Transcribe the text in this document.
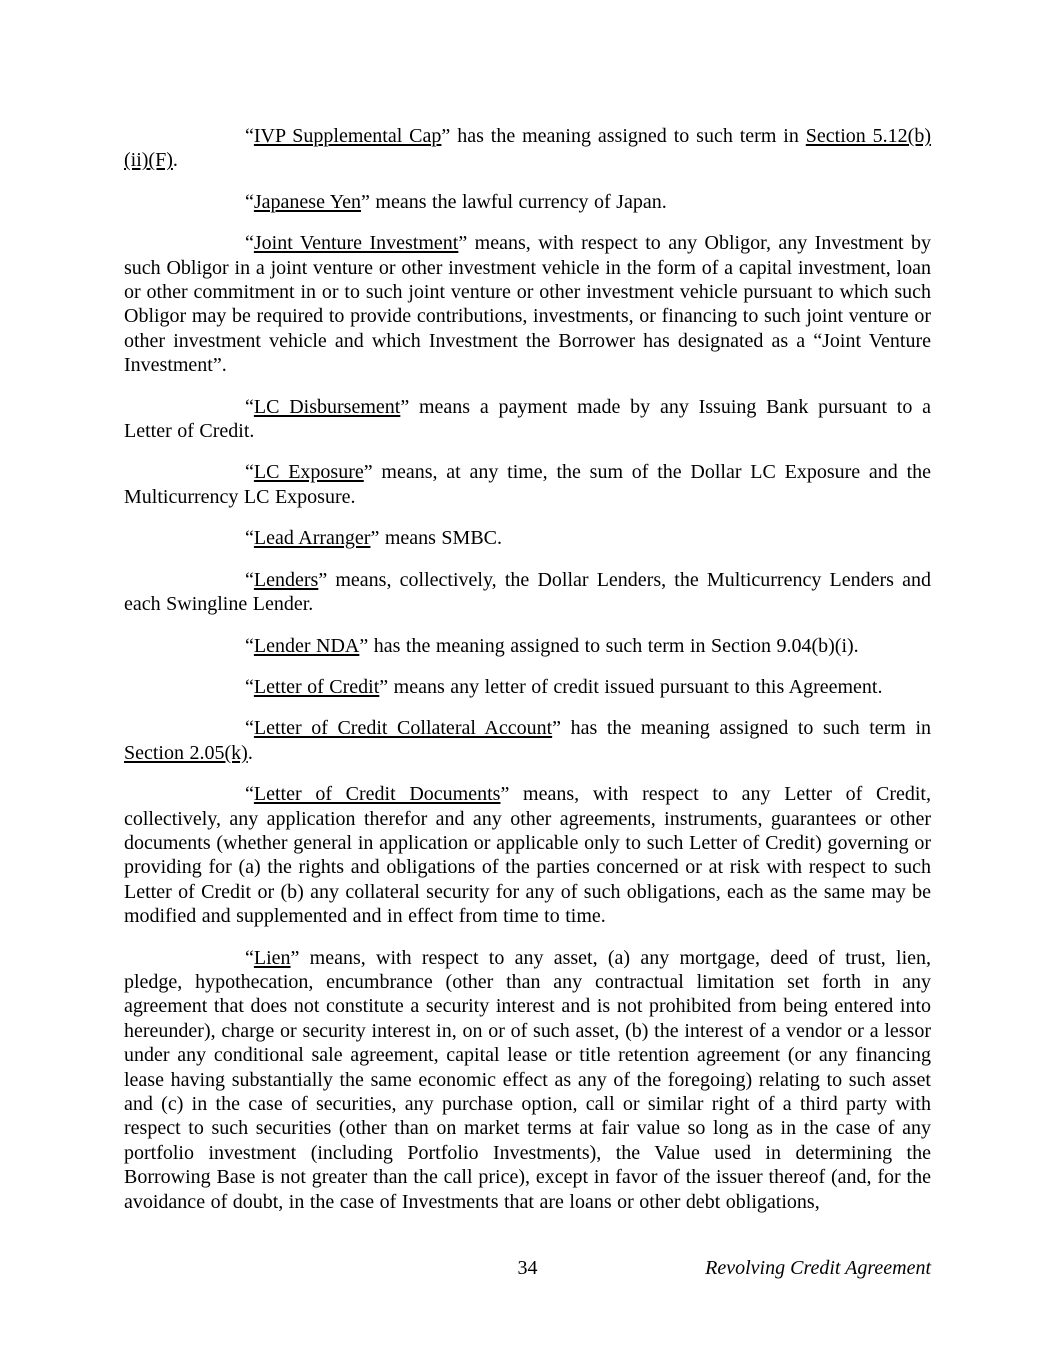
“IVP Supplemental Cap” has the meaning assigned to such term in Section 5.12(b)(ii)(F).

“Japanese Yen” means the lawful currency of Japan.

“Joint Venture Investment” means, with respect to any Obligor, any Investment by such Obligor in a joint venture or other investment vehicle in the form of a capital investment, loan or other commitment in or to such joint venture or other investment vehicle pursuant to which such Obligor may be required to provide contributions, investments, or financing to such joint venture or other investment vehicle and which Investment the Borrower has designated as a “Joint Venture Investment”.

“LC Disbursement” means a payment made by any Issuing Bank pursuant to a Letter of Credit.

“LC Exposure” means, at any time, the sum of the Dollar LC Exposure and the Multicurrency LC Exposure.

“Lead Arranger” means SMBC.

“Lenders” means, collectively, the Dollar Lenders, the Multicurrency Lenders and each Swingline Lender.

“Lender NDA” has the meaning assigned to such term in Section 9.04(b)(i).

“Letter of Credit” means any letter of credit issued pursuant to this Agreement.

“Letter of Credit Collateral Account” has the meaning assigned to such term in Section 2.05(k).

“Letter of Credit Documents” means, with respect to any Letter of Credit, collectively, any application therefor and any other agreements, instruments, guarantees or other documents (whether general in application or applicable only to such Letter of Credit) governing or providing for (a) the rights and obligations of the parties concerned or at risk with respect to such Letter of Credit or (b) any collateral security for any of such obligations, each as the same may be modified and supplemented and in effect from time to time.

“Lien” means, with respect to any asset, (a) any mortgage, deed of trust, lien, pledge, hypothecation, encumbrance (other than any contractual limitation set forth in any agreement that does not constitute a security interest and is not prohibited from being entered into hereunder), charge or security interest in, on or of such asset, (b) the interest of a vendor or a lessor under any conditional sale agreement, capital lease or title retention agreement (or any financing lease having substantially the same economic effect as any of the foregoing) relating to such asset and (c) in the case of securities, any purchase option, call or similar right of a third party with respect to such securities (other than on market terms at fair value so long as in the case of any portfolio investment (including Portfolio Investments), the Value used in determining the Borrowing Base is not greater than the call price), except in favor of the issuer thereof (and, for the avoidance of doubt, in the case of Investments that are loans or other debt obligations,

34	Revolving Credit Agreement
